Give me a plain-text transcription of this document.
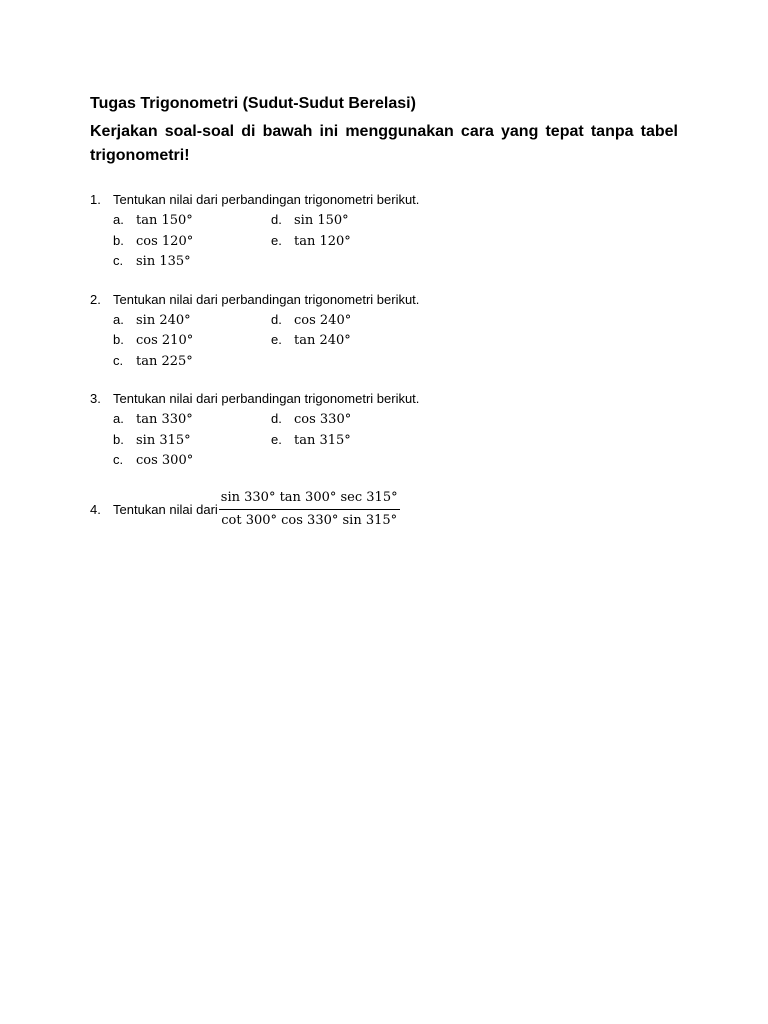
Tugas Trigonometri (Sudut-Sudut Berelasi)
Kerjakan soal-soal di bawah ini menggunakan cara yang tepat tanpa tabel trigonometri!
1. Tentukan nilai dari perbandingan trigonometri berikut.
a. tan 150°	d. sin 150°
b. cos 120°	e. tan 120°
c. sin 135°
2. Tentukan nilai dari perbandingan trigonometri berikut.
a. sin 240°	d. cos 240°
b. cos 210°	e. tan 240°
c. tan 225°
3. Tentukan nilai dari perbandingan trigonometri berikut.
a. tan 330°	d. cos 330°
b. sin 315°	e. tan 315°
c. cos 300°
4. Tentukan nilai dari $\frac{\sin 330^\circ \tan 300^\circ \sec 315^\circ}{\cot 300^\circ \cos 330^\circ \sin 315^\circ}$
